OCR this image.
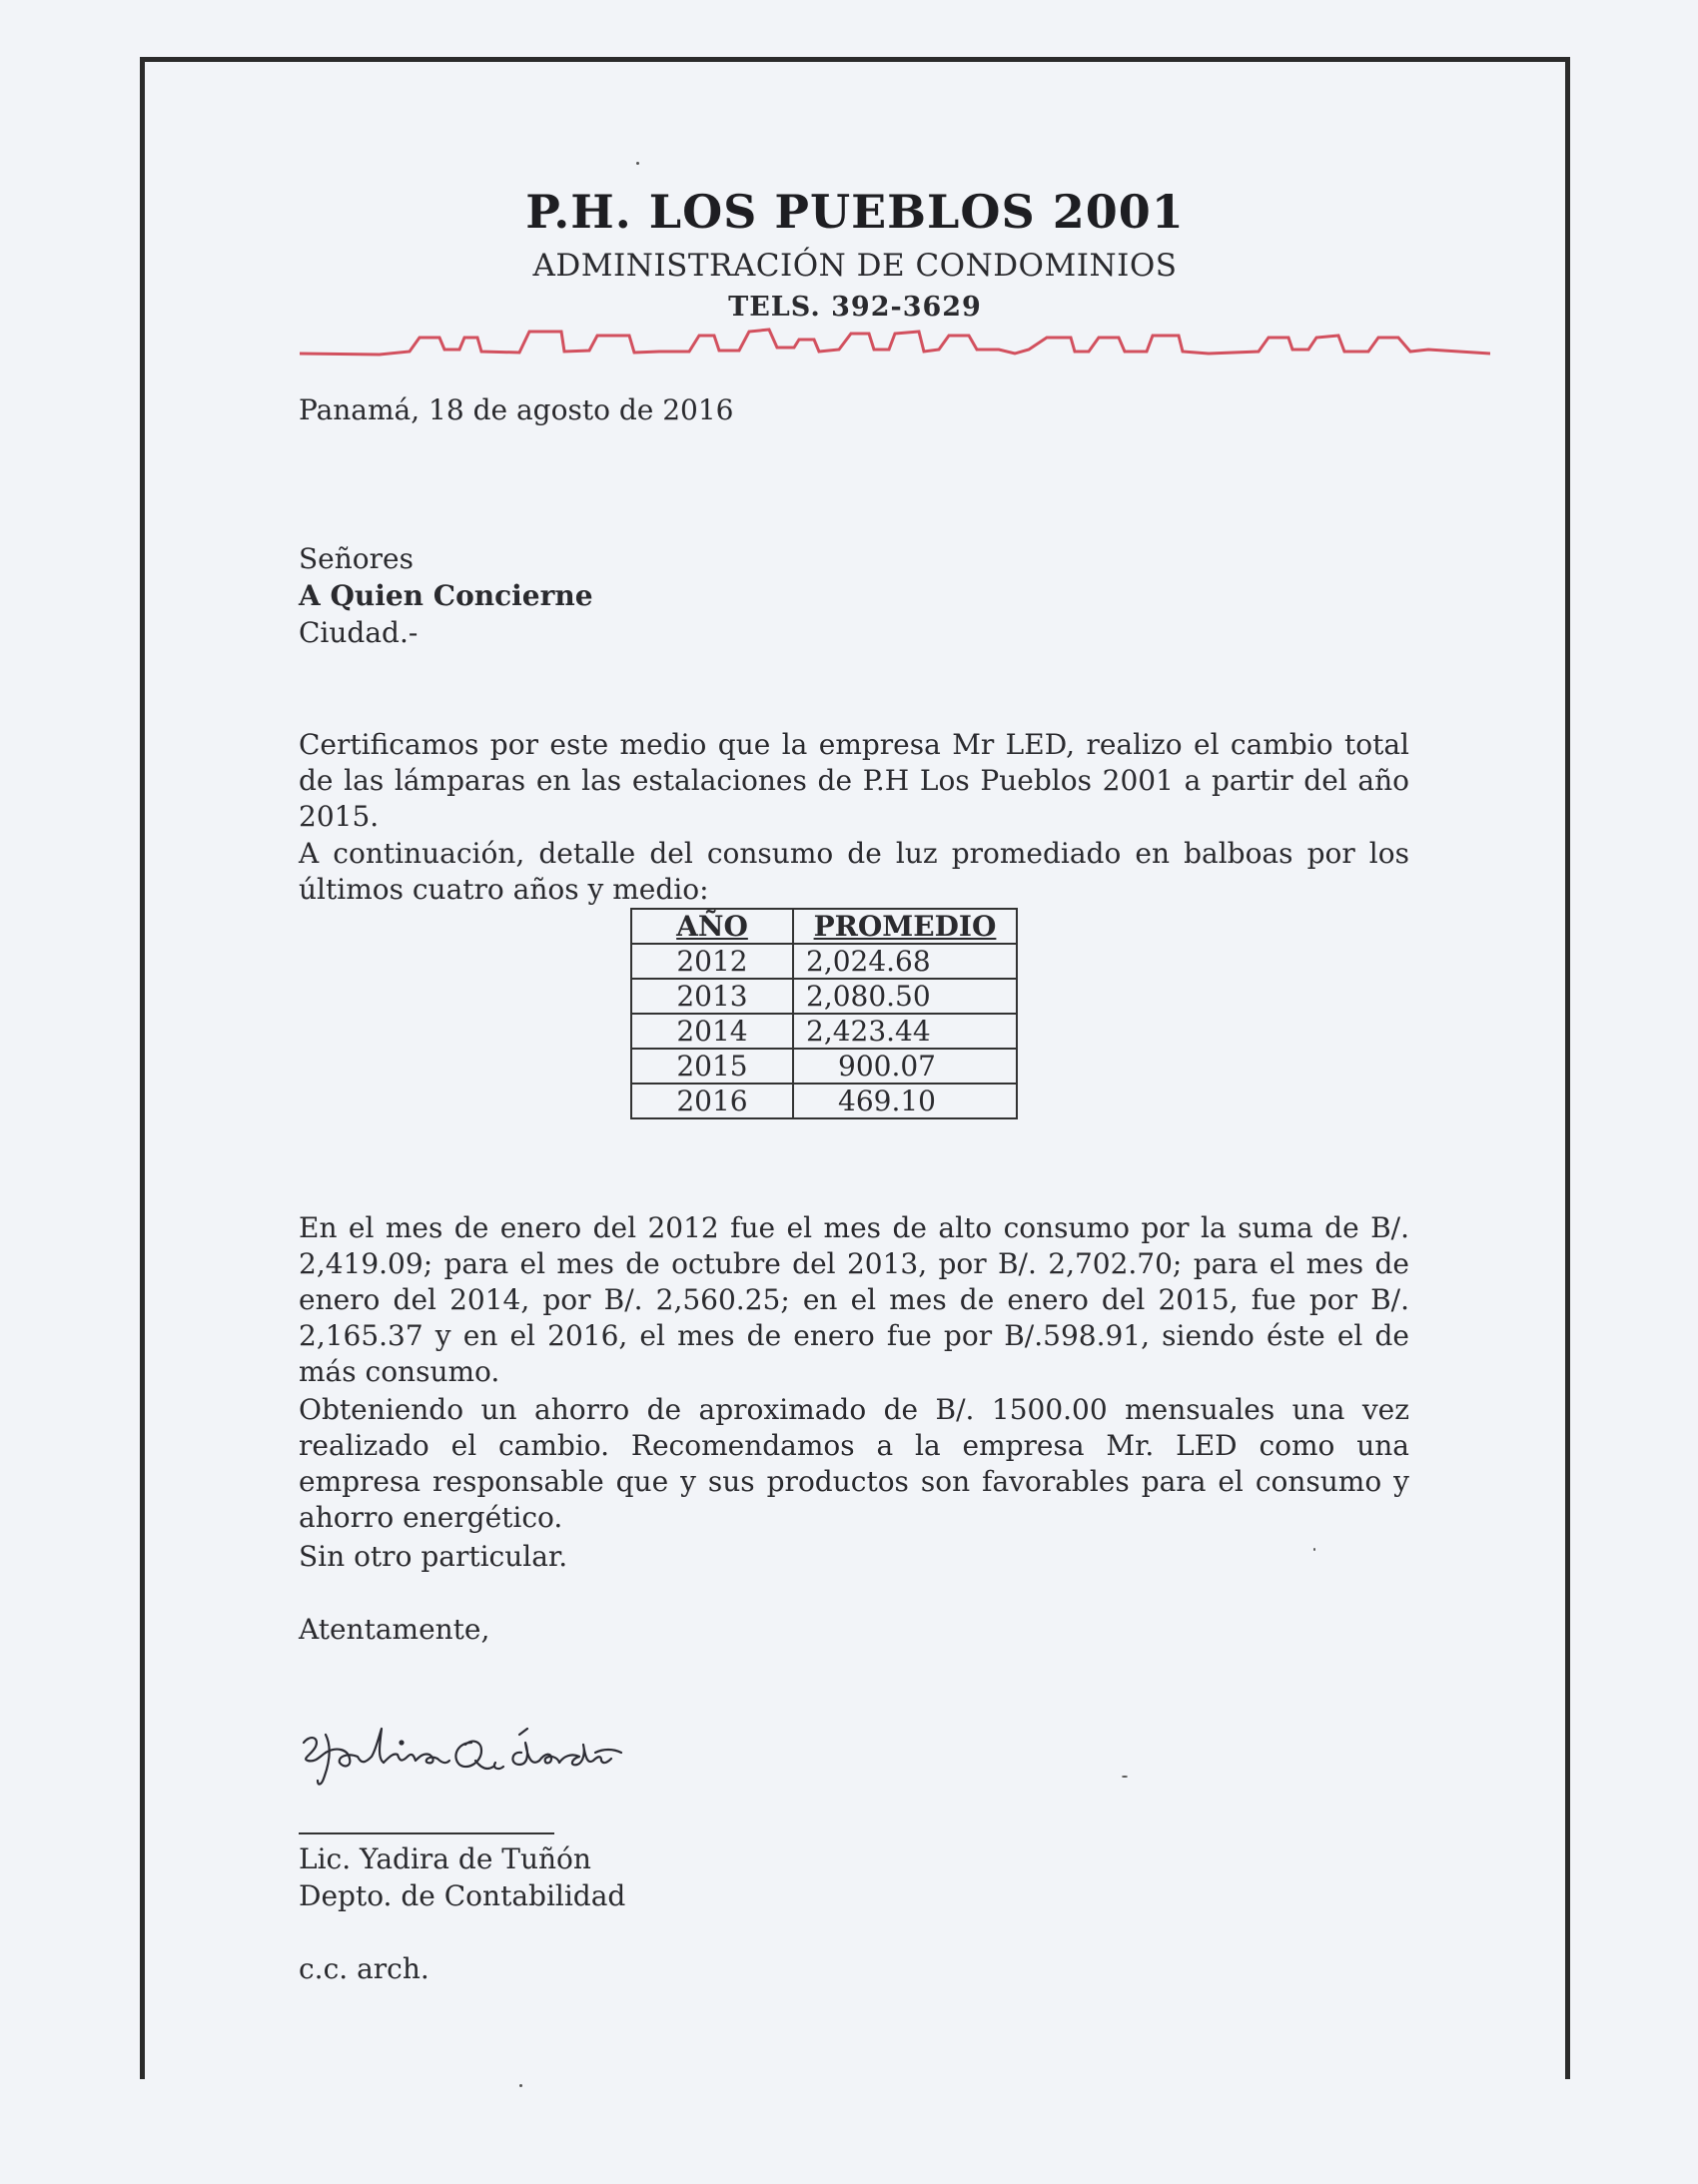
P.H. LOS PUEBLOS 2001
ADMINISTRACIÓN DE CONDOMINIOS
TELS. 392-3629
Panamá, 18 de agosto de 2016
Señores
A Quien Concierne
Ciudad.-
Certificamos por este medio que la empresa Mr LED, realizo el cambio total de las lámparas en las estalaciones de P.H Los Pueblos 2001 a partir del año 2015.
A continuación, detalle del consumo de luz promediado en balboas por los últimos cuatro años y medio:
AÑO	PROMEDIO
2012	2,024.68
2013	2,080.50
2014	2,423.44
2015	900.07
2016	469.10
En el mes de enero del 2012 fue el mes de alto consumo por la suma de B/. 2,419.09; para el mes de octubre del 2013, por B/. 2,702.70; para el mes de enero del 2014, por B/. 2,560.25; en el mes de enero del 2015, fue por B/. 2,165.37 y en el 2016, el mes de enero fue por B/.598.91, siendo éste el de más consumo.
Obteniendo un ahorro de aproximado de B/. 1500.00 mensuales una vez realizado el cambio. Recomendamos a la empresa Mr. LED como una empresa responsable que y sus productos son favorables para el consumo y ahorro energético.
Sin otro particular.
Atentamente,
Lic. Yadira de Tuñón
Depto. de Contabilidad
c.c. arch.
